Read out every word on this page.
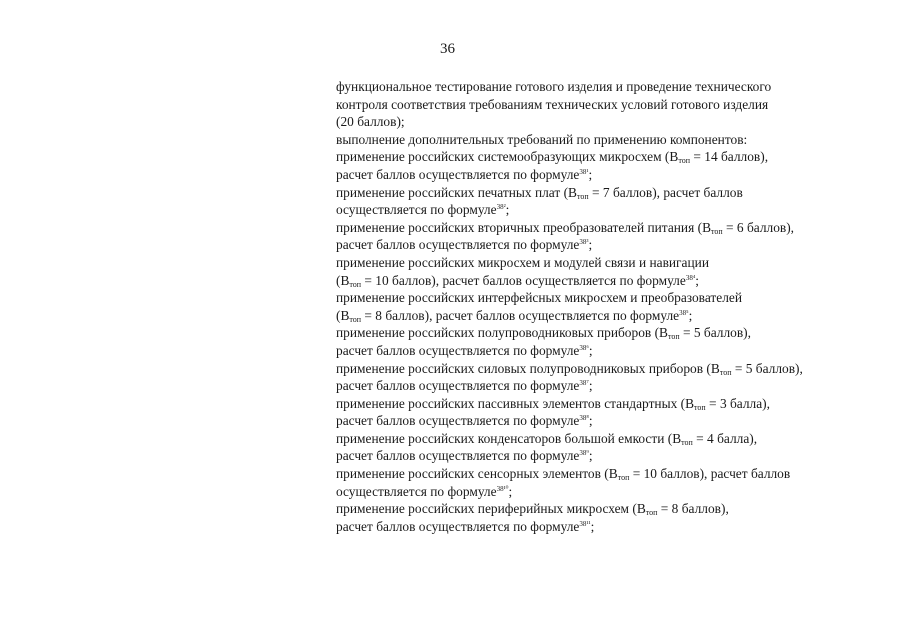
36
функциональное тестирование готового изделия и проведение технического
контроля соответствия требованиям технических условий готового изделия
(20 баллов);
выполнение дополнительных требований по применению компонентов:
применение российских системообразующих микросхем ($В_{топ} = 14$ баллов),
расчет баллов осуществляется по формуле$^{38^1}$;
применение российских печатных плат ($В_{топ} = 7$ баллов), расчет баллов
осуществляется по формуле$^{38^2}$;
применение российских вторичных преобразователей питания ($В_{топ} = 6$ баллов),
расчет баллов осуществляется по формуле$^{38^3}$;
применение российских микросхем и модулей связи и навигации
($В_{топ} = 10$ баллов), расчет баллов осуществляется по формуле$^{38^4}$;
применение российских интерфейсных микросхем и преобразователей
($В_{топ} = 8$ баллов), расчет баллов осуществляется по формуле$^{38^5}$;
применение российских полупроводниковых приборов ($В_{топ} = 5$ баллов),
расчет баллов осуществляется по формуле$^{38^6}$;
применение российских силовых полупроводниковых приборов ($В_{топ} = 5$ баллов),
расчет баллов осуществляется по формуле$^{38^7}$;
применение российских пассивных элементов стандартных ($В_{топ} = 3$ балла),
расчет баллов осуществляется по формуле$^{38^8}$;
применение российских конденсаторов большой емкости ($В_{топ} = 4$ балла),
расчет баллов осуществляется по формуле$^{38^9}$;
применение российских сенсорных элементов ($В_{топ} = 10$ баллов), расчет баллов
осуществляется по формуле$^{38^{10}}$;
применение российских периферийных микросхем ($В_{топ} = 8$ баллов),
расчет баллов осуществляется по формуле$^{38^{11}}$;
